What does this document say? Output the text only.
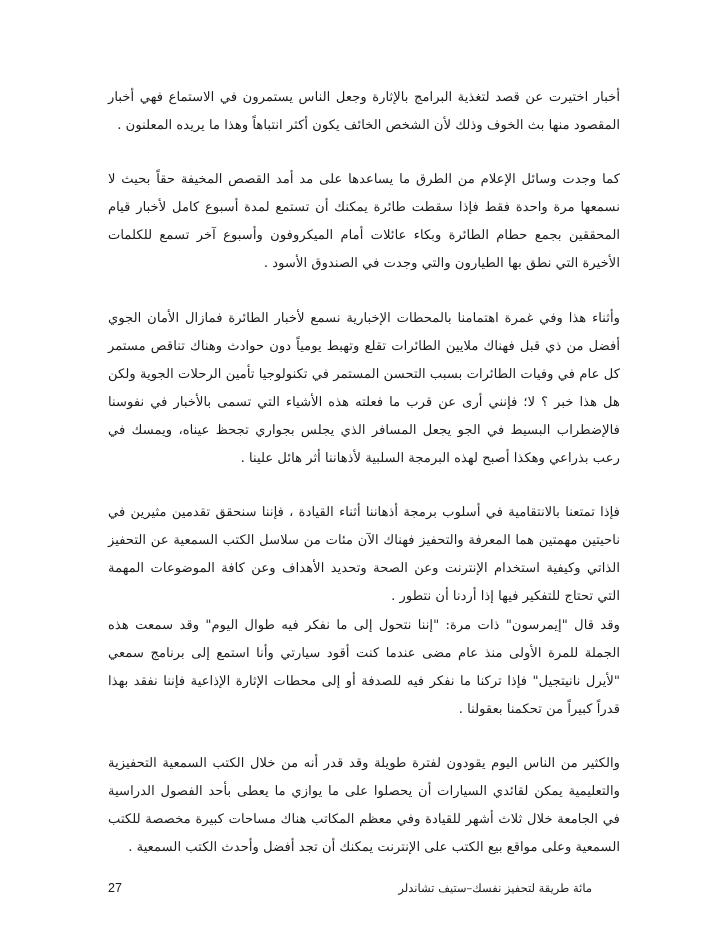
أخبار اختيرت عن قصد لتغذية البرامج بالإثارة وجعل الناس يستمرون في الاستماع فهي أخبار المقصود منها بث الخوف وذلك لأن الشخص الخائف يكون أكثر انتباهاً وهذا ما يريده المعلنون .

كما وجدت وسائل الإعلام من الطرق ما يساعدها على مد أمد القصص المخيفة حقاً بحيث لا نسمعها مرة واحدة فقط فإذا سقطت طائرة يمكنك أن تستمع لمدة أسبوع كامل لأخبار قيام المحققين بجمع حطام الطائرة وبكاء عائلات أمام الميكروفون وأسبوع آخر تسمع للكلمات الأخيرة التي نطق بها الطيارون والتي وجدت في الصندوق الأسود .

وأثناء هذا وفي غمرة اهتمامنا بالمحطات الإخبارية نسمع لأخبار الطائرة فمازال الأمان الجوي أفضل من ذي قبل فهناك ملايين الطائرات تقلع وتهبط يومياً دون حوادث وهناك تناقص مستمر كل عام في وفيات الطائرات بسبب التحسن المستمر في تكنولوجيا تأمين الرحلات الجوية ولكن هل هذا خبر ؟ لا؛ فإنني أرى عن قرب ما فعلته هذه الأشياء التي تسمى بالأخبار في نفوسنا فالإضطراب البسيط في الجو يجعل المسافر الذي يجلس بجواري تجحظ عيناه، ويمسك في رعب بذراعي وهكذا أصبح لهذه البرمجة السلبية لأذهاننا أثر هائل علينا .

فإذا تمتعنا بالانتقامية في أسلوب برمجة أذهاننا أثناء القيادة ، فإننا سنحقق تقدمين مثيرين في ناحيتين مهمتين هما المعرفة والتحفيز فهناك الآن مئات من سلاسل الكتب السمعية عن التحفيز الذاتي وكيفية استخدام الإنترنت وعن الصحة وتحديد الأهداف وعن كافة الموضوعات المهمة التي تحتاج للتفكير فيها إذا أردنا أن نتطور .

وقد قال "إيمرسون" ذات مرة: "إننا نتحول إلى ما نفكر فيه طوال اليوم" وقد سمعت هذه الجملة للمرة الأولى منذ عام مضى عندما كنت أقود سيارتي وأنا استمع إلى برنامج سمعي "لأيرل نانيتجيل" فإذا تركنا ما نفكر فيه للصدفة أو إلى محطات الإثارة الإذاعية فإننا نفقد بهذا قدراً كبيراً من تحكمنا بعقولنا .

والكثير من الناس اليوم يقودون لفترة طويلة وقد قدر أنه من خلال الكتب السمعية التحفيزية والتعليمية يمكن لقائدي السيارات أن يحصلوا على ما يوازي ما يعطى بأحد الفصول الدراسية في الجامعة خلال ثلاث أشهر للقيادة وفي معظم المكاتب هناك مساحات كبيرة مخصصة للكتب السمعية وعلى مواقع بيع الكتب على الإنترنت يمكنك أن تجد أفضل وأحدث الكتب السمعية .

27	مائة طريقة لتحفيز نفسك–ستيف تشاندلر
